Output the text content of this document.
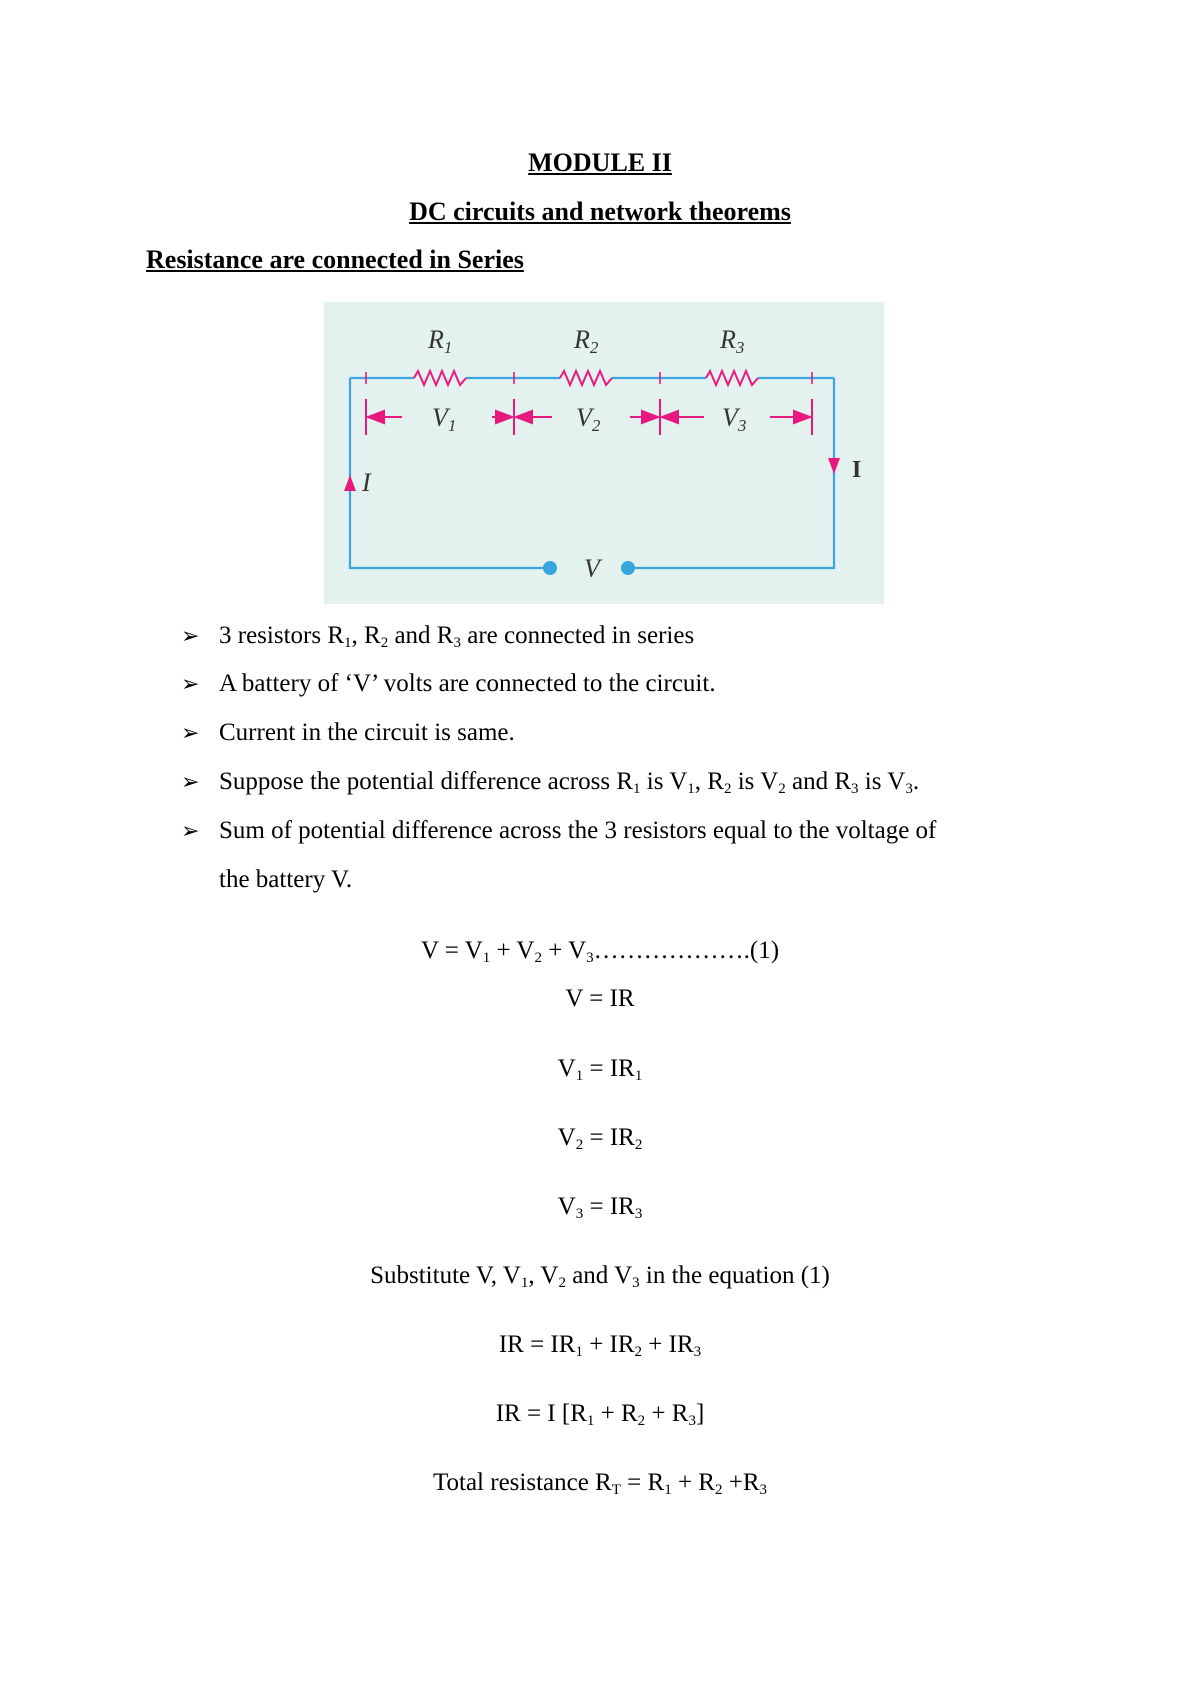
MODULE II
DC circuits and network theorems
Resistance are connected in Series
R1	R2	R3
V1	V2	V3
I
V
I
➢ 3 resistors $R_1$, $R_2$ and $R_3$ are connected in series
➢ A battery of ‘V’ volts are connected to the circuit.
➢ Current in the circuit is same.
➢ Suppose the potential difference across $R_1$ is $V_1$, $R_2$ is $V_2$ and $R_3$ is $V_3$.
➢ Sum of potential difference across the 3 resistors equal to the voltage of
the battery V.
$V = V_1 + V_2$ + $V_3\dots\dots\dots\dots\dots\dots.(1)$
V = IR
$V_1 = IR_1$
$V_2 = IR_2$
$V_3 = IR_3$
Substitute V, $V_1$, $V_2$ and $V_3$ in the equation (1)
IR = $IR_1 + IR_2 + IR_3$
IR = I $[R_1 + R_2 + R_3]$
Total resistance $R_T = R_1 + R_2 +R_3$
